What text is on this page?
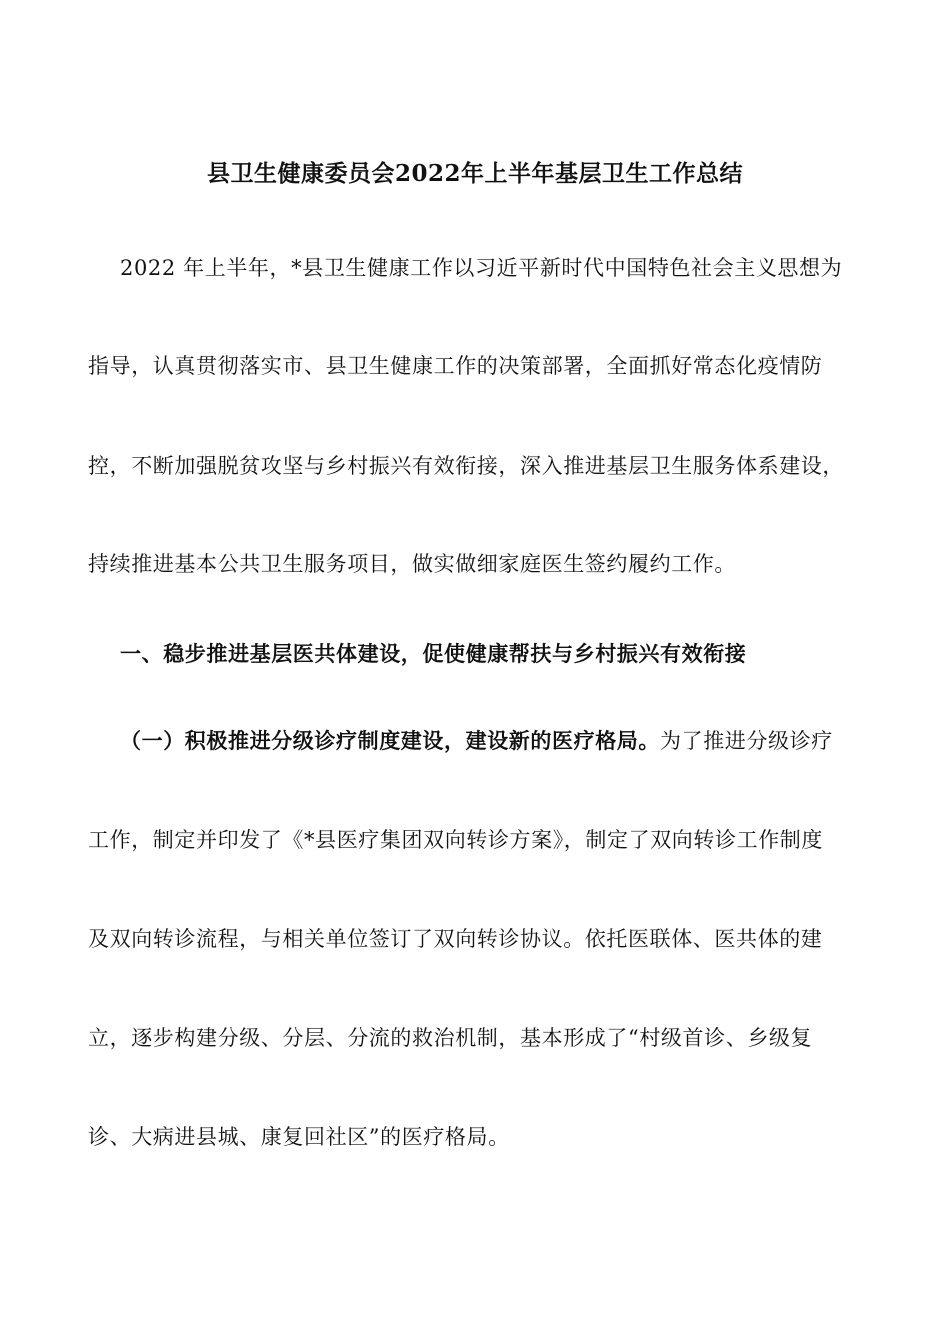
县卫生健康委员会2022年上半年基层卫生工作总结
2022 年上半年，*县卫生健康工作以习近平新时代中国特色社会主义思想为
指导，认真贯彻落实市、县卫生健康工作的决策部署，全面抓好常态化疫情防
控，不断加强脱贫攻坚与乡村振兴有效衔接，深入推进基层卫生服务体系建设，
持续推进基本公共卫生服务项目，做实做细家庭医生签约履约工作。
一、稳步推进基层医共体建设，促使健康帮扶与乡村振兴有效衔接
（一）积极推进分级诊疗制度建设，建设新的医疗格局。为了推进分级诊疗
工作，制定并印发了《*县医疗集团双向转诊方案》，制定了双向转诊工作制度
及双向转诊流程，与相关单位签订了双向转诊协议。依托医联体、医共体的建
立，逐步构建分级、分层、分流的救治机制，基本形成了“村级首诊、乡级复
诊、大病进县城、康复回社区”的医疗格局。
